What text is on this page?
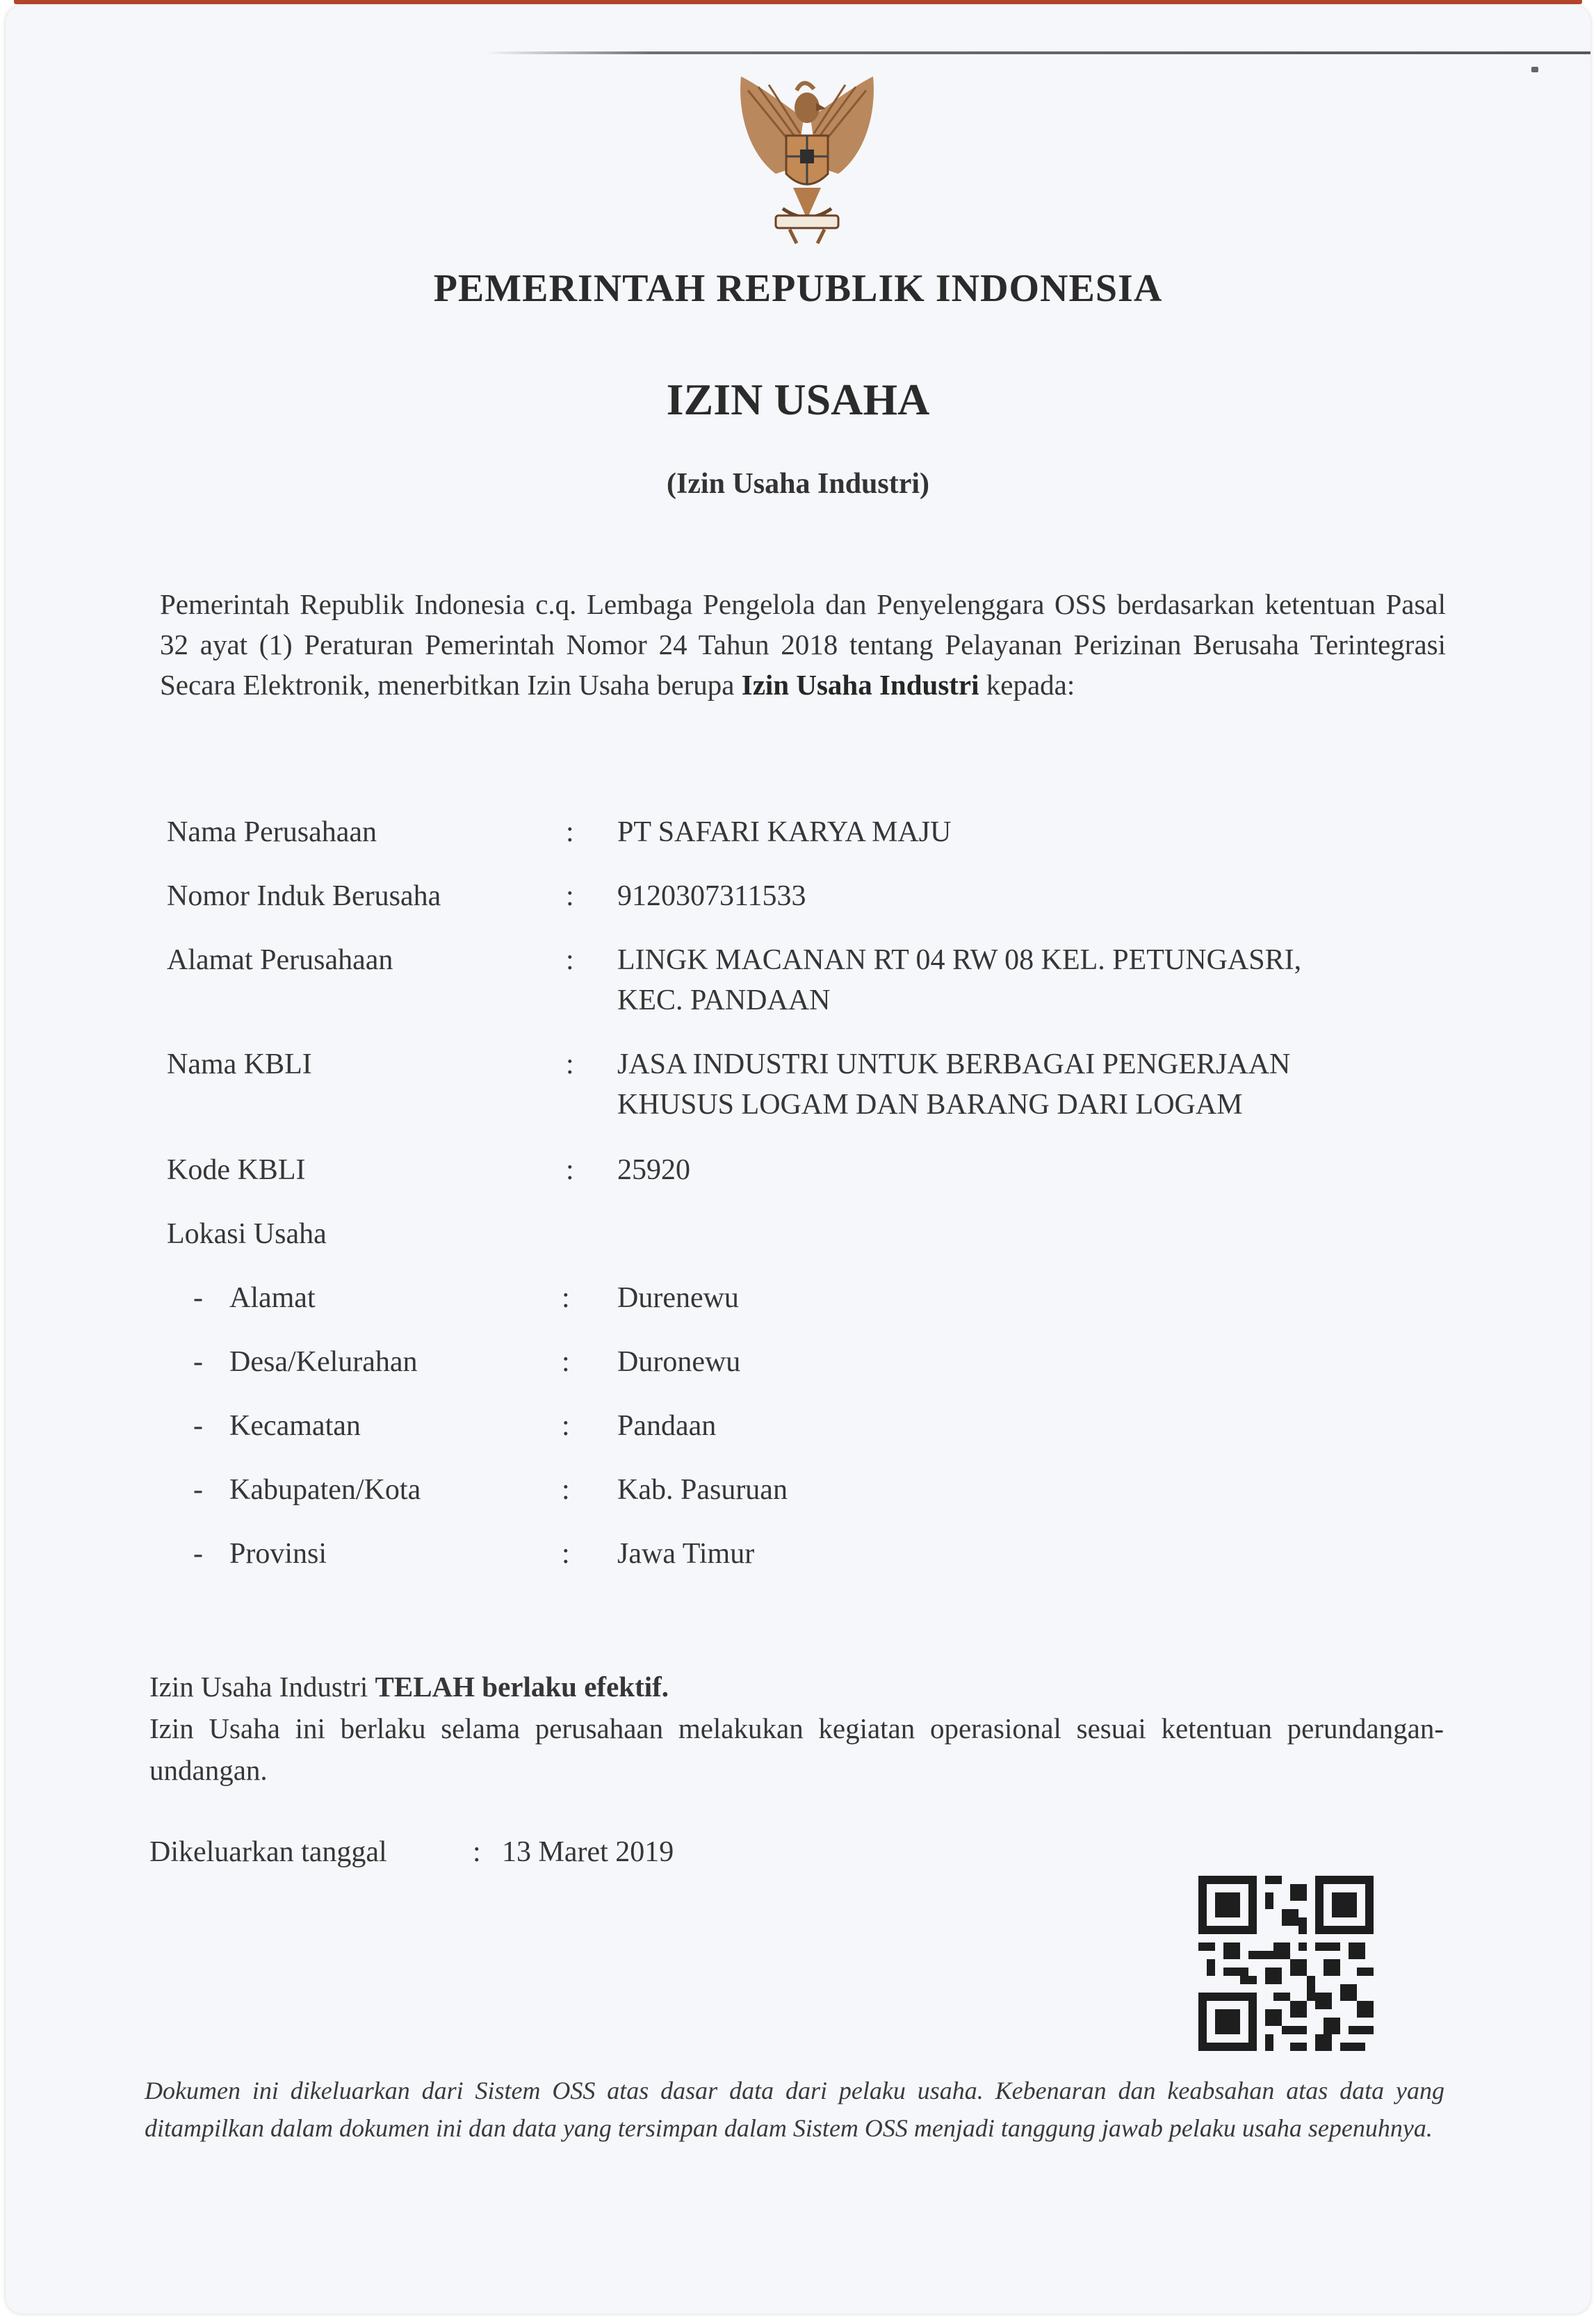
PEMERINTAH REPUBLIK INDONESIA
IZIN USAHA
(Izin Usaha Industri)
Pemerintah Republik Indonesia c.q. Lembaga Pengelola dan Penyelenggara OSS berdasarkan ketentuan Pasal 32 ayat (1) Peraturan Pemerintah Nomor 24 Tahun 2018 tentang Pelayanan Perizinan Berusaha Terintegrasi Secara Elektronik, menerbitkan Izin Usaha berupa Izin Usaha Industri kepada:
Nama Perusahaan	: PT SAFARI KARYA MAJU
Nomor Induk Berusaha	: 9120307311533
Alamat Perusahaan	: LINGK MACANAN RT 04 RW 08 KEL. PETUNGASRI,
KEC. PANDAAN
Nama KBLI	: JASA INDUSTRI UNTUK BERBAGAI PENGERJAAN
KHUSUS LOGAM DAN BARANG DARI LOGAM
Kode KBLI	: 25920
Lokasi Usaha
- Alamat	: Durenewu
- Desa/Kelurahan	: Duronewu
- Kecamatan	: Pandaan
- Kabupaten/Kota	: Kab. Pasuruan
- Provinsi	: Jawa Timur
Izin Usaha Industri TELAH berlaku efektif.
Izin Usaha ini berlaku selama perusahaan melakukan kegiatan operasional sesuai ketentuan perundangan-undangan.
Dikeluarkan tanggal	: 13 Maret 2019
Dokumen ini dikeluarkan dari Sistem OSS atas dasar data dari pelaku usaha. Kebenaran dan keabsahan atas data yang ditampilkan dalam dokumen ini dan data yang tersimpan dalam Sistem OSS menjadi tanggung jawab pelaku usaha sepenuhnya.
